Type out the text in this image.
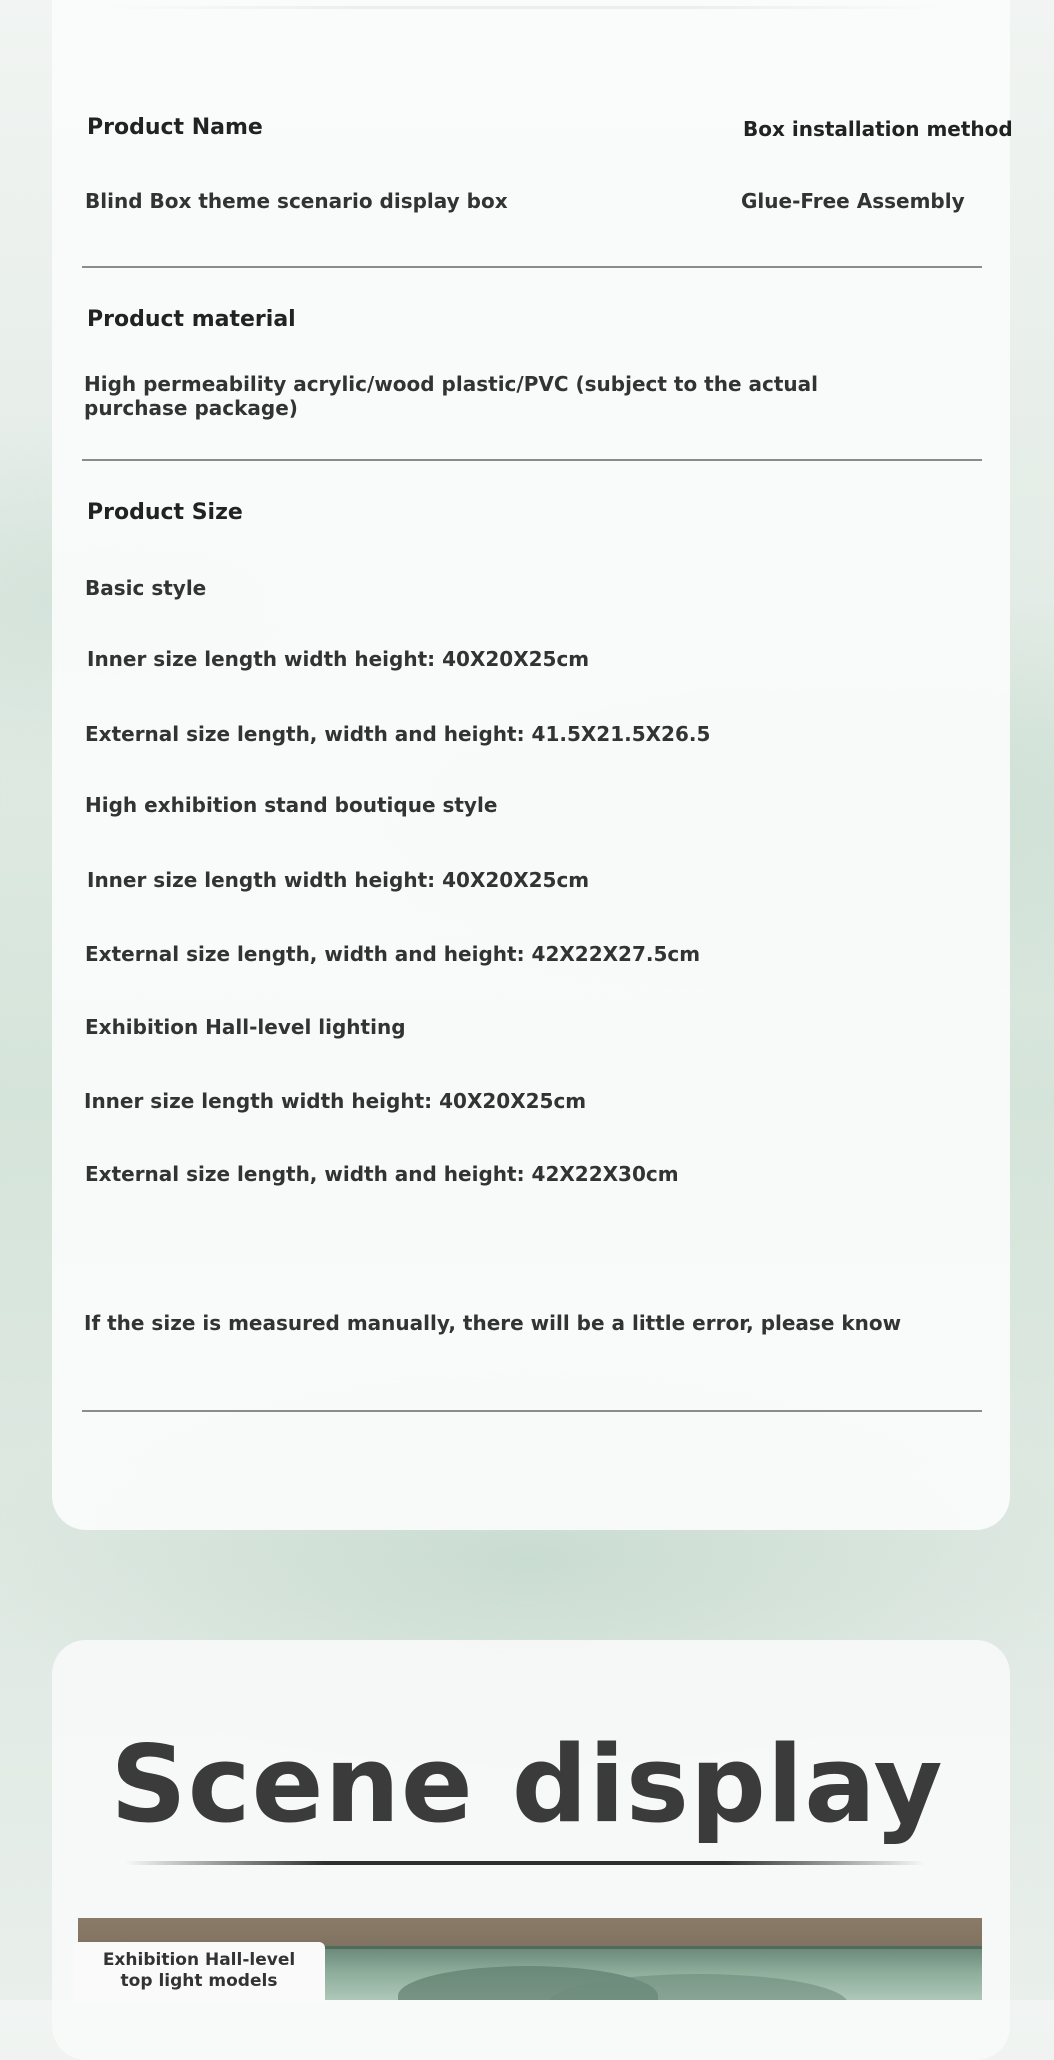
Product Name	Box installation method
Blind Box theme scenario display box	Glue-Free Assembly
Product material
High permeability acrylic/wood plastic/PVC (subject to the actual purchase package)
Product Size
Basic style
Inner size length width height: 40X20X25cm
External size length, width and height: 41.5X21.5X26.5
High exhibition stand boutique style
Inner size length width height: 40X20X25cm
External size length, width and height: 42X22X27.5cm
Exhibition Hall-level lighting
Inner size length width height: 40X20X25cm
External size length, width and height: 42X22X30cm
If the size is measured manually, there will be a little error, please know
Scene display
Exhibition Hall-level
top light models
